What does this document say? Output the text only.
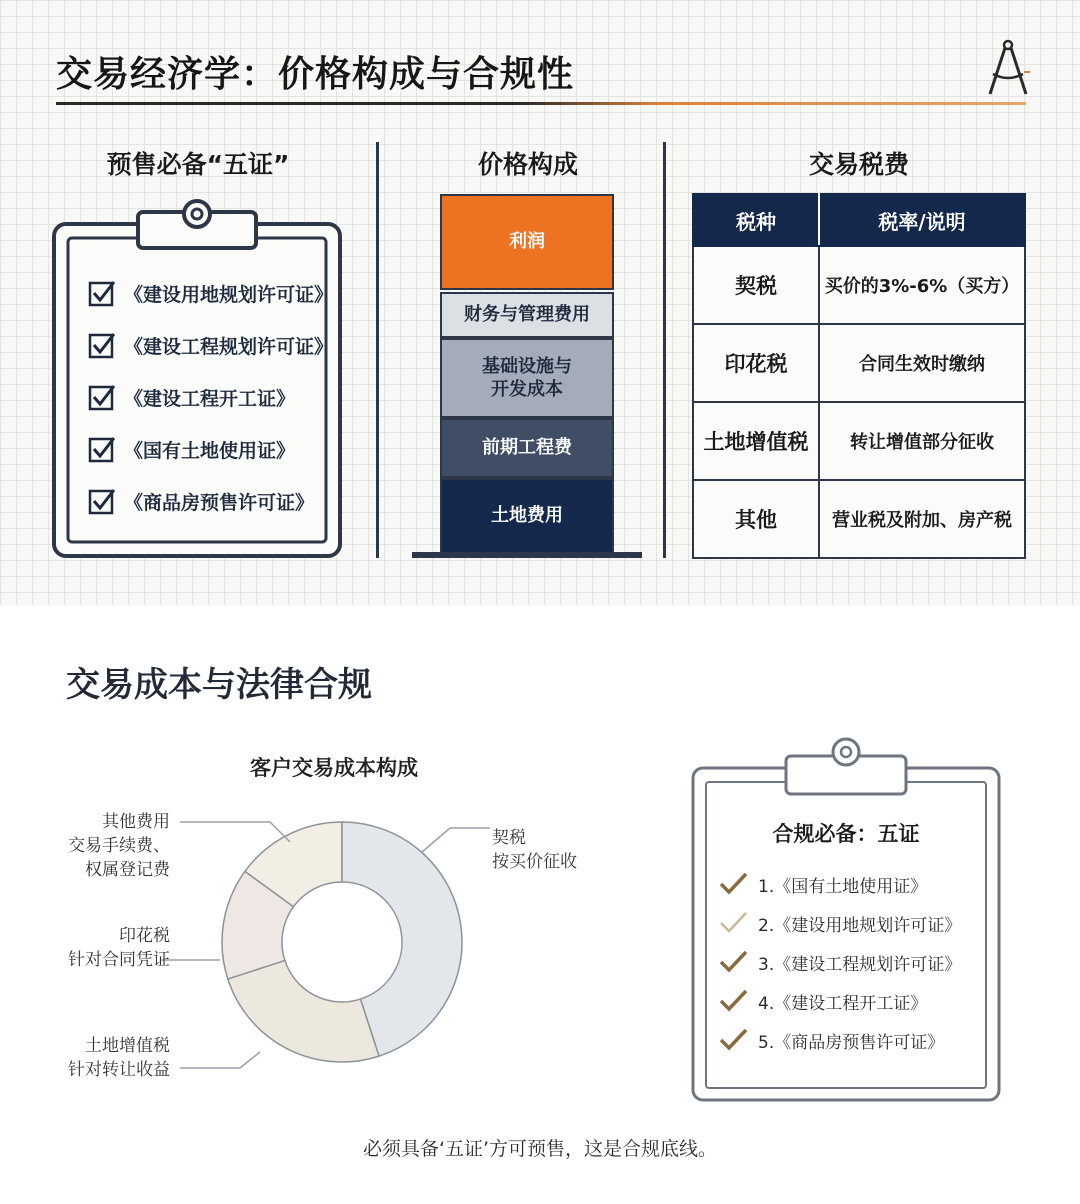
交易经济学：价格构成与合规性
预售必备“五证”	价格构成	交易税费
《建设用地规划许可证》
《建设工程规划许可证》
《建设工程开工证》
《国有土地使用证》
《商品房预售许可证》
利润
财务与管理费用
基础设施与
开发成本
前期工程费
土地费用
税种	税率/说明
契税	买价的3%-6%（买方）
印花税	合同生效时缴纳
土地增值税	转让增值部分征收
其他	营业税及附加、房产税
交易成本与法律合规
客户交易成本构成
契税
按买价征收
其他费用
交易手续费、
权属登记费
印花税
针对合同凭证
土地增值税
针对转让收益
合规必备：五证
1.《国有土地使用证》
2.《建设用地规划许可证》
3.《建设工程规划许可证》
4.《建设工程开工证》
5.《商品房预售许可证》
必须具备‘五证’方可预售，这是合规底线。
